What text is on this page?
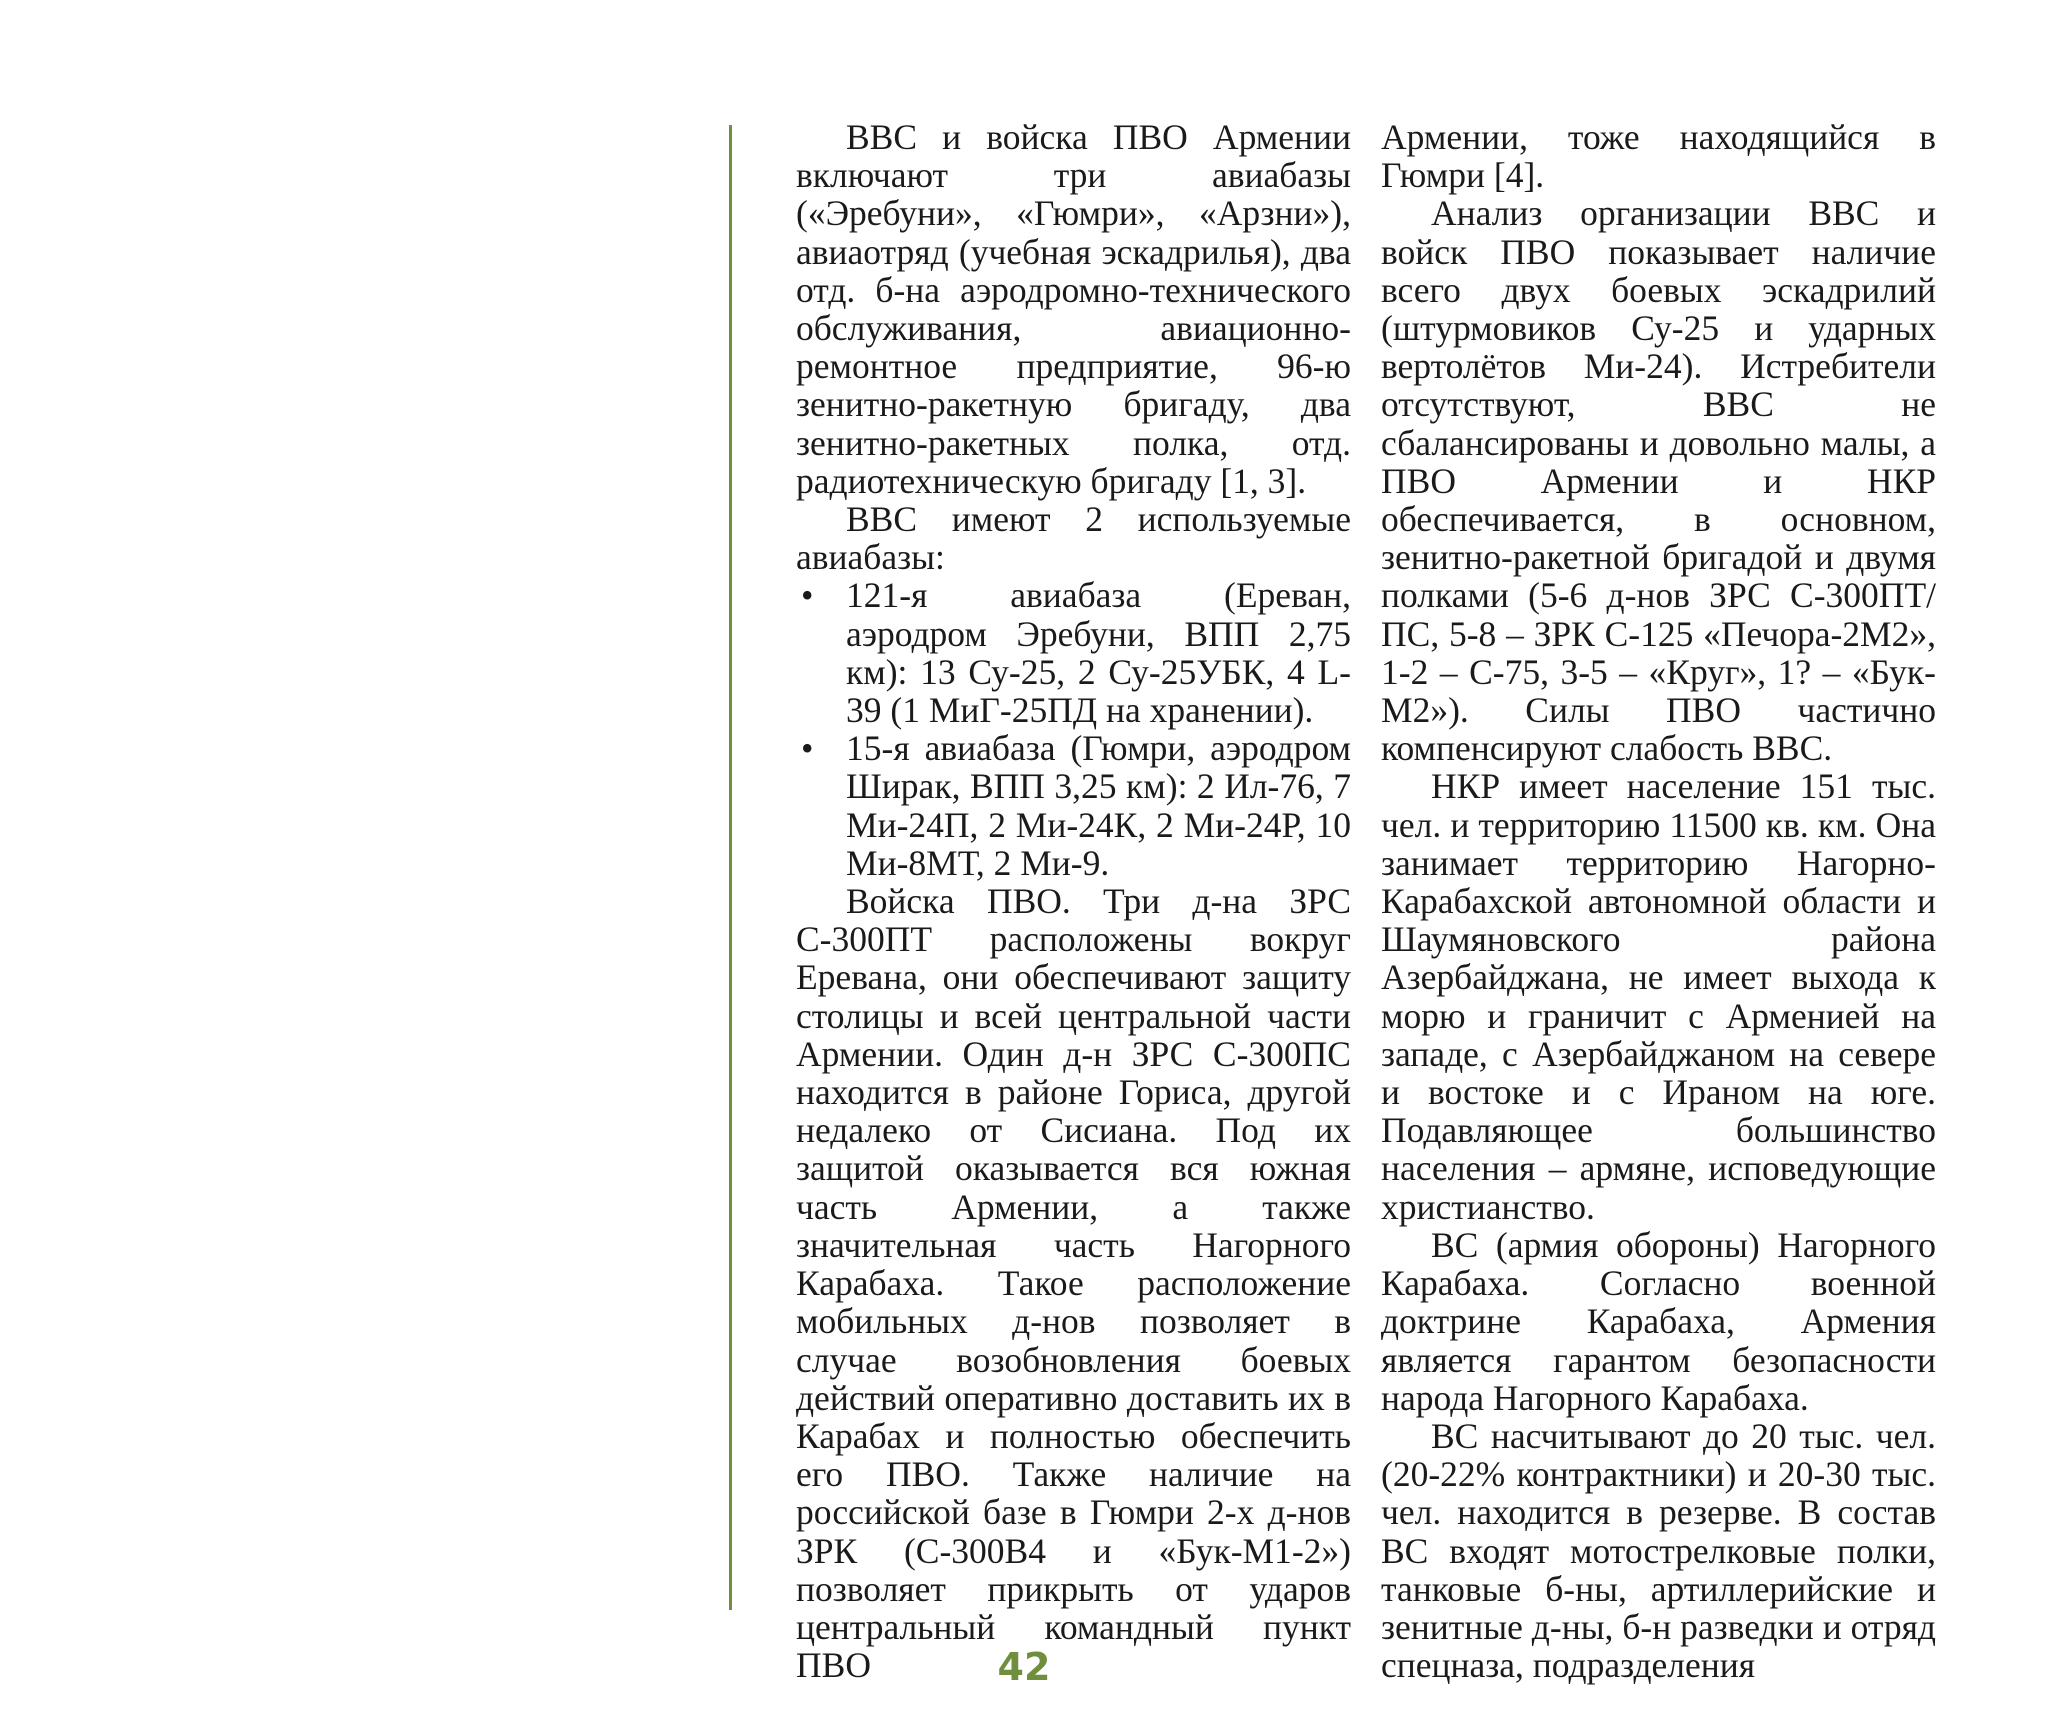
ВВС и войска ПВО Армении включают три авиабазы («Эребуни», «Гюмри», «Арзни»), авиаотряд (учебная эскадрилья), два отд. б-на аэродромно-технического обслуживания, авиационно-ремонтное предприятие, 96-ю зенитно-ракетную бригаду, два зенитно-ракетных полка, отд. радиотехническую бригаду [1, 3].

ВВС имеют 2 используемые авиабазы:

• 121-я авиабаза (Ереван, аэродром Эребуни, ВПП 2,75 км): 13 Су-25, 2 Су-25УБК, 4 L-39 (1 МиГ-25ПД на хранении).
• 15-я авиабаза (Гюмри, аэродром Ширак, ВПП 3,25 км): 2 Ил-76, 7 Ми-24П, 2 Ми-24К, 2 Ми-24Р, 10 Ми-8МТ, 2 Ми-9.

Войска ПВО. Три д-на ЗРС С-300ПТ расположены вокруг Еревана, они обеспечивают защиту столицы и всей центральной части Армении. Один д-н ЗРС С-300ПС находится в районе Гориса, другой недалеко от Сисиана. Под их защитой оказывается вся южная часть Армении, а также значительная часть Нагорного Карабаха. Такое расположение мобильных д-нов позволяет в случае возобновления боевых действий оперативно доставить их в Карабах и полностью обеспечить его ПВО. Также наличие на российской базе в Гюмри 2-х д-нов ЗРК (С-300В4 и «Бук-М1-2») позволяет прикрыть от ударов центральный командный пункт ПВО

Армении, тоже находящийся в Гюмри [4].

Анализ организации ВВС и войск ПВО показывает наличие всего двух боевых эскадрилий (штурмовиков Су-25 и ударных вертолётов Ми-24). Истребители отсутствуют, ВВС не сбалансированы и довольно малы, а ПВО Армении и НКР обеспечивается, в основном, зенитно-ракетной бригадой и двумя полками (5-6 д-нов ЗРС С-300ПТ/ПС, 5-8 – ЗРК С-125 «Печора-2М2», 1-2 – С-75, 3-5 – «Круг», 1? – «Бук-М2»). Силы ПВО частично компенсируют слабость ВВС.

НКР имеет население 151 тыс. чел. и территорию 11500 кв. км. Она занимает территорию Нагорно-Карабахской автономной области и Шаумяновского района Азербайджана, не имеет выхода к морю и граничит с Арменией на западе, с Азербайджаном на севере и востоке и с Ираном на юге. Подавляющее большинство населения – армяне, исповедующие христианство.

ВС (армия обороны) Нагорного Карабаха. Согласно военной доктрине Карабаха, Армения является гарантом безопасности народа Нагорного Карабаха.

ВС насчитывают до 20 тыс. чел. (20-22% контрактники) и 20-30 тыс. чел. находится в резерве. В состав ВС входят мотострелковые полки, танковые б-ны, артиллерийские и зенитные д-ны, б-н разведки и отряд спецназа, подразделения

42
